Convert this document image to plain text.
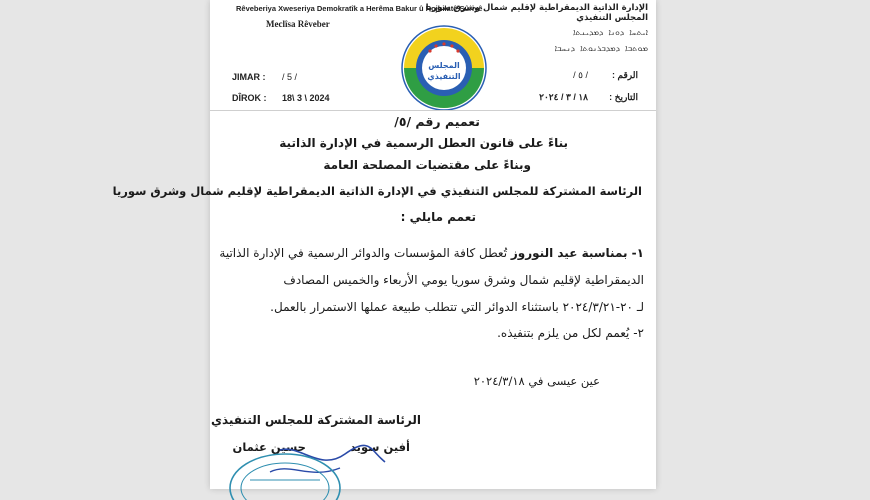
Rêveberiya Xweseriya Demokratîk a Herêma Bakur û Rojhilatê Sûriyê
Meclîsa Rêveber
الإدارة الذاتية الديمقراطية لإقليم شمال وشرق سوريا
المجلس التنفيذي
ܐܝܬܚܐ ܕܘܢܐ ܕܡܕܝܢܬܐ
ܡܘܬܒܐ ܕܡܕܒܪܢܘܬܐ ܕܢܚܒܐ
JIMAR : / 5 /
DÎROK : 18\ 3 \ 2024
الرقم :
/ ٥ /
التاريخ :
١٨ / ٣ / ٢٠٢٤
المجلس
التنفيذي
تعميم رقم /٥/
بناءً على قانون العطل الرسمية في الإدارة الذاتية
وبناءً على مقتضيات المصلحة العامة
الرئاسة المشتركة للمجلس التنفيذي في الإدارة الذاتية الديمقراطية لإقليم شمال وشرق سوريا
تعمم مايلي :
١- بمناسبة عيد النوروز تُعطل كافة المؤسسات والدوائر الرسمية في الإدارة الذاتية
الديمقراطية لإقليم شمال وشرق سوريا يومي الأربعاء والخميس المصادف
لـ ٢٠-٢٠٢٤/٣/٢١ باستثناء الدوائر التي تتطلب طبيعة عملها الاستمرار بالعمل.
٢- يُعمم لكل من يلزم بتنفيذه.
عين عيسى في ٢٠٢٤/٣/١٨
الرئاسة المشتركة للمجلس التنفيذي
أفين سويد           حسين عثمان
